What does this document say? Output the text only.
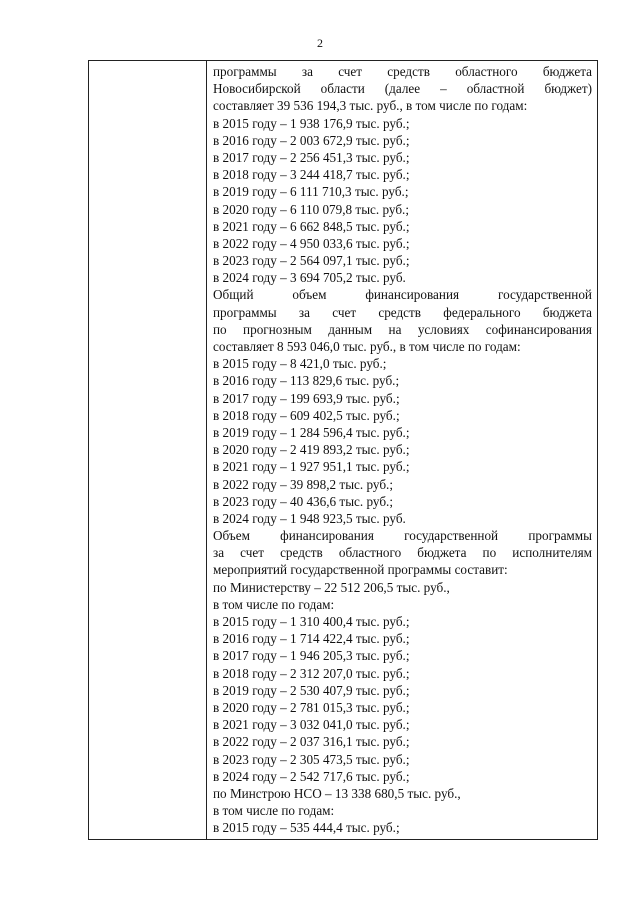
2
программы за счет средств областного бюджета
Новосибирской области (далее – областной бюджет)
составляет 39 536 194,3 тыс. руб., в том числе по годам:
в 2015 году – 1 938 176,9 тыс. руб.;
в 2016 году – 2 003 672,9 тыс. руб.;
в 2017 году – 2 256 451,3 тыс. руб.;
в 2018 году – 3 244 418,7 тыс. руб.;
в 2019 году – 6 111 710,3 тыс. руб.;
в 2020 году – 6 110 079,8 тыс. руб.;
в 2021 году – 6 662 848,5 тыс. руб.;
в 2022 году – 4 950 033,6 тыс. руб.;
в 2023 году – 2 564 097,1 тыс. руб.;
в 2024 году – 3 694 705,2 тыс. руб.
Общий объем финансирования государственной
программы за счет средств федерального бюджета
по прогнозным данным на условиях софинансирования
составляет 8 593 046,0 тыс. руб., в том числе по годам:
в 2015 году – 8 421,0 тыс. руб.;
в 2016 году – 113 829,6 тыс. руб.;
в 2017 году – 199 693,9 тыс. руб.;
в 2018 году – 609 402,5 тыс. руб.;
в 2019 году – 1 284 596,4 тыс. руб.;
в 2020 году – 2 419 893,2 тыс. руб.;
в 2021 году – 1 927 951,1 тыс. руб.;
в 2022 году – 39 898,2 тыс. руб.;
в 2023 году – 40 436,6 тыс. руб.;
в 2024 году – 1 948 923,5 тыс. руб.
Объем финансирования государственной программы
за счет средств областного бюджета по исполнителям
мероприятий государственной программы составит:
по Министерству – 22 512 206,5 тыс. руб.,
в том числе по годам:
в 2015 году – 1 310 400,4 тыс. руб.;
в 2016 году – 1 714 422,4 тыс. руб.;
в 2017 году – 1 946 205,3 тыс. руб.;
в 2018 году – 2 312 207,0 тыс. руб.;
в 2019 году – 2 530 407,9 тыс. руб.;
в 2020 году – 2 781 015,3 тыс. руб.;
в 2021 году – 3 032 041,0 тыс. руб.;
в 2022 году – 2 037 316,1 тыс. руб.;
в 2023 году – 2 305 473,5 тыс. руб.;
в 2024 году – 2 542 717,6 тыс. руб.;
по Минстрою НСО – 13 338 680,5 тыс. руб.,
в том числе по годам:
в 2015 году – 535 444,4 тыс. руб.;
